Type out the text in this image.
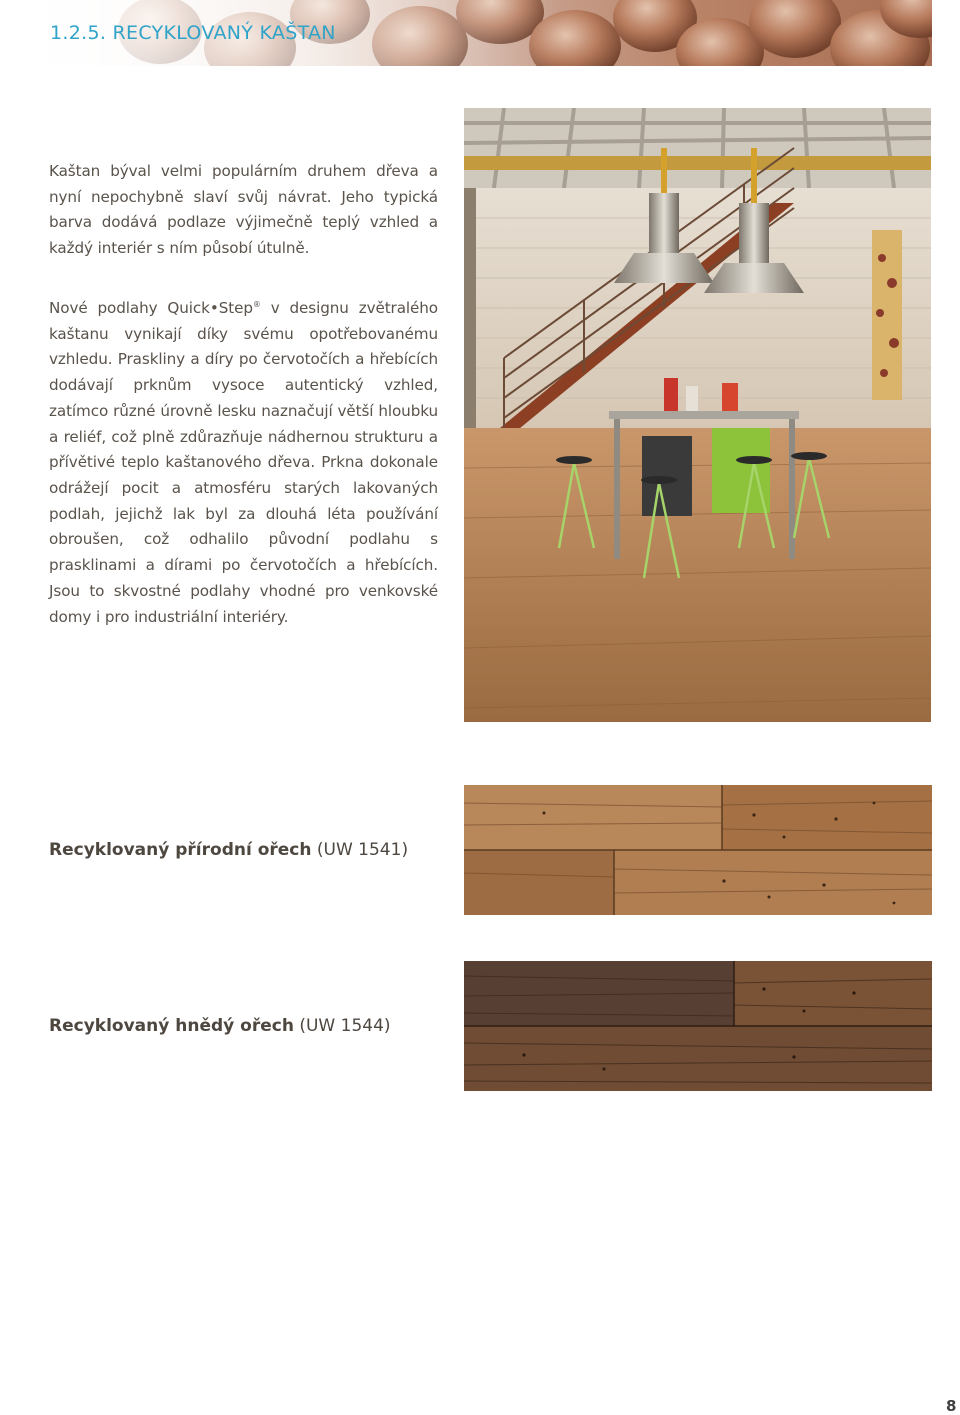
1.2.5. RECYKLOVANÝ KAŠTAN
Kaštan býval velmi populárním druhem dřeva a nyní nepochybně slaví svůj návrat. Jeho typická barva dodává podlaze výjimečně teplý vzhled a každý interiér s ním působí útulně.
Nové podlahy Quick•Step® v designu zvětralého kaštanu vynikají díky svému opotřebovanému vzhledu. Praskliny a díry po červotočích a hřebících dodávají prknům vysoce autentický vzhled, zatímco různé úrovně lesku naznačují větší hloubku a reliéf, což plně zdůrazňuje nádhernou strukturu a přívětivé teplo kaštanového dřeva. Prkna dokonale odrážejí pocit a atmosféru starých lakovaných podlah, jejichž lak byl za dlouhá léta používání obroušen, což odhalilo původní podlahu s prasklinami a dírami po červotočích a hřebících. Jsou to skvostné podlahy vhodné pro venkovské domy i pro industriální interiéry.
Recyklovaný přírodní ořech (UW 1541)
Recyklovaný hnědý ořech (UW 1544)
8
